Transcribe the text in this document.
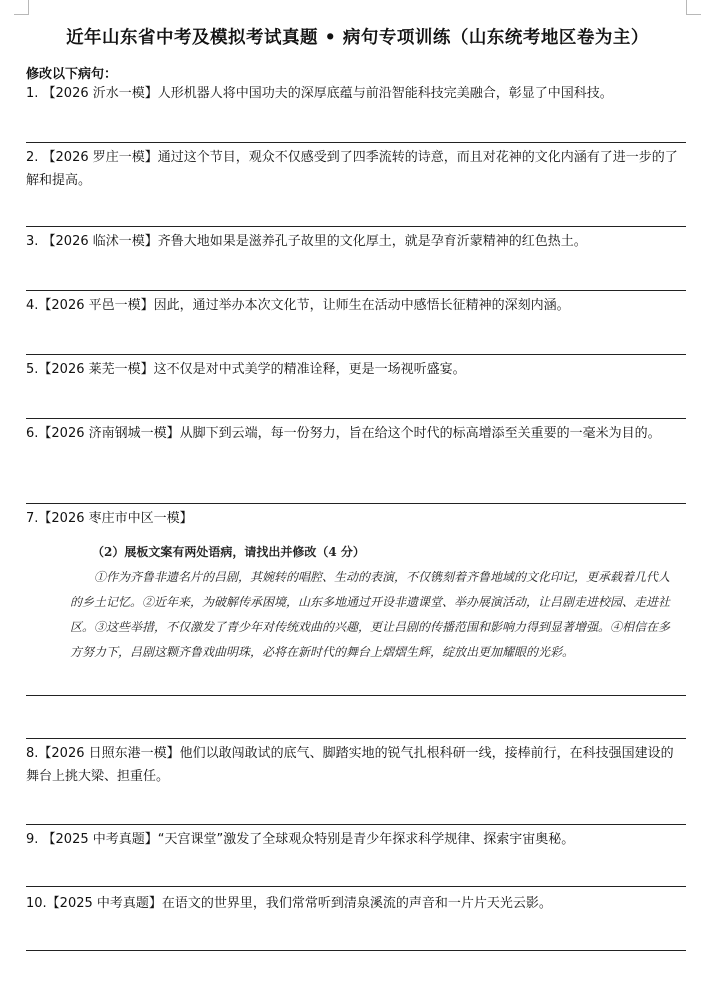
近年山东省中考及模拟考试真题 • 病句专项训练（山东统考地区卷为主）
修改以下病句：
1. 【2026 沂水一模】人形机器人将中国功夫的深厚底蕴与前沿智能科技完美融合，彰显了中国科技。
2. 【2026 罗庄一模】通过这个节目，观众不仅感受到了四季流转的诗意，而且对花神的文化内涵有了进一步的了解和提高。
3. 【2026 临沭一模】齐鲁大地如果是滋养孔子故里的文化厚土，就是孕育沂蒙精神的红色热土。
4.【2026 平邑一模】因此，通过举办本次文化节，让师生在活动中感悟长征精神的深刻内涵。
5.【2026 莱芜一模】这不仅是对中式美学的精准诠释，更是一场视听盛宴。
6.【2026 济南钢城一模】从脚下到云端，每一份努力，旨在给这个时代的标高增添至关重要的一毫米为目的。
7.【2026 枣庄市中区一模】
（2）展板文案有两处语病，请找出并修改（4 分）
①作为齐鲁非遗名片的吕剧，其婉转的唱腔、生动的表演，不仅镌刻着齐鲁地域的文化印记，更承载着几代人的乡土记忆。②近年来，为破解传承困境，山东多地通过开设非遗课堂、举办展演活动，让吕剧走进校园、走进社区。③这些举措，不仅激发了青少年对传统戏曲的兴趣，更让吕剧的传播范围和影响力得到显著增强。④相信在多方努力下，吕剧这颗齐鲁戏曲明珠，必将在新时代的舞台上熠熠生辉，绽放出更加耀眼的光彩。
8.【2026 日照东港一模】他们以敢闯敢试的底气、脚踏实地的锐气扎根科研一线，接棒前行，在科技强国建设的舞台上挑大梁、担重任。
9. 【2025 中考真题】“天宫课堂”激发了全球观众特别是青少年探求科学规律、探索宇宙奥秘。
10.【2025 中考真题】在语文的世界里，我们常常听到清泉溪流的声音和一片片天光云影。
